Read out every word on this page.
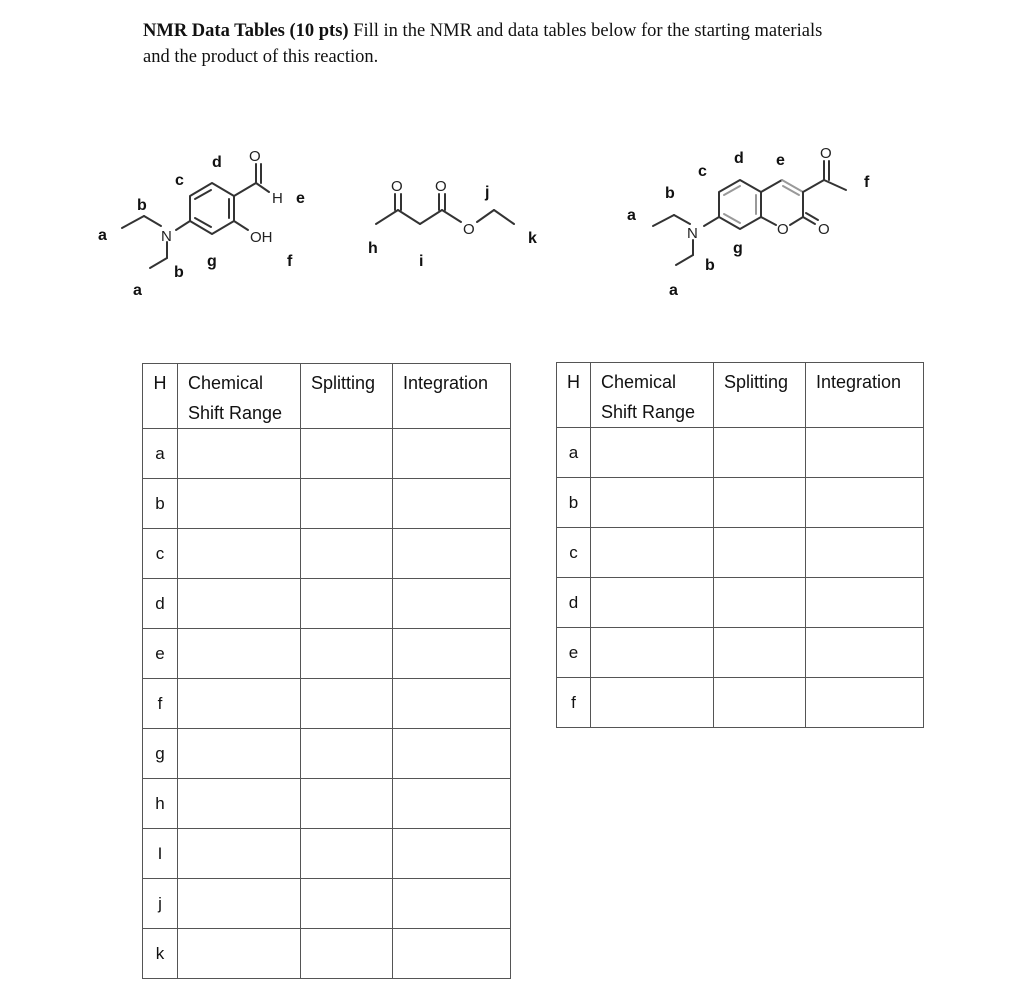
NMR Data Tables (10 pts) Fill in the NMR and data tables below for the starting materials
and the product of this reaction.
O
H
OH
N
a
a
b
b
c
d
e
f
g
O O
O
h
i
j
k	N	O O
O
a
a
b
b
c
d e
f
g
H	Chemical
Shift Range	Splitting	Integration
a			
b			
c			
d			
e			
f			
g			
h			
I			
j			
k			
H	Chemical
Shift Range	Splitting	Integration
a			
b			
c			
d			
e			
f			
